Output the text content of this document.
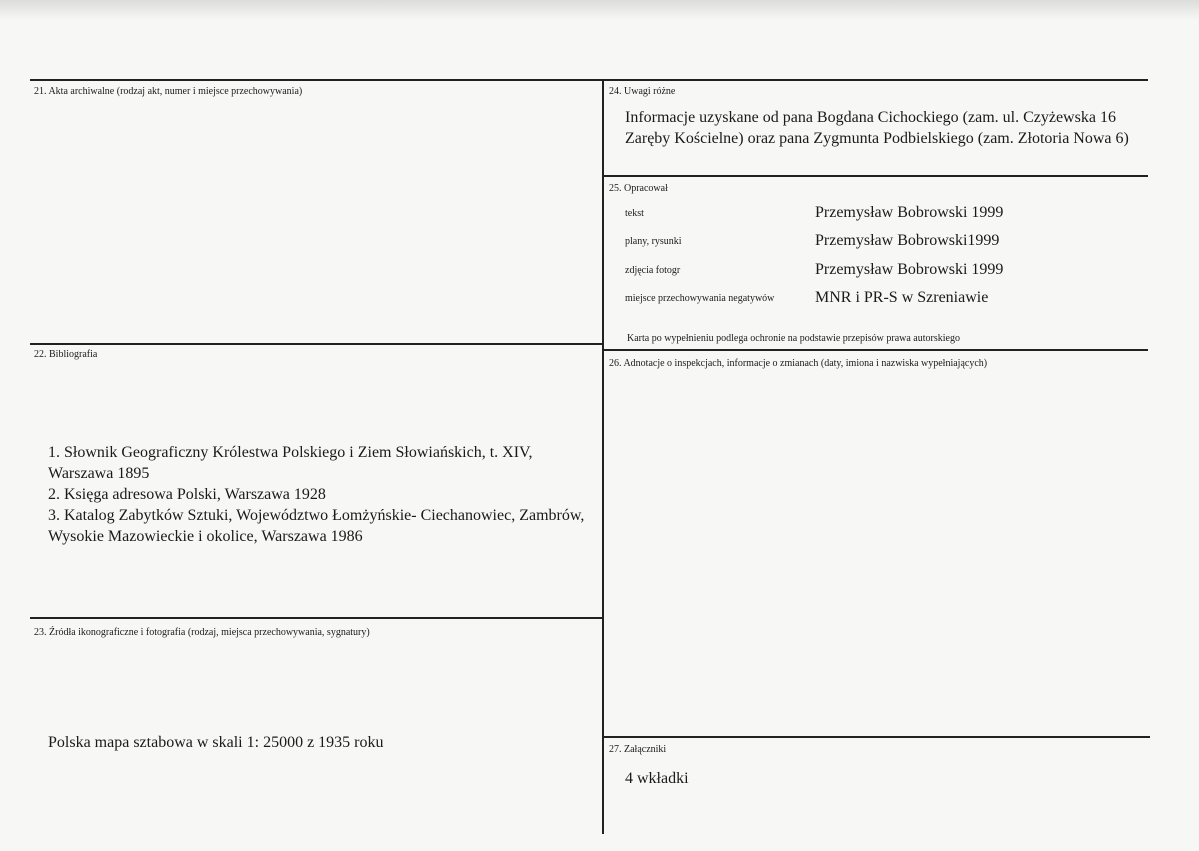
21. Akta archiwalne (rodzaj akt, numer i miejsce przechowywania)
22. Bibliografia
1. Słownik Geograficzny Królestwa Polskiego i Ziem Słowiańskich, t. XIV, Warszawa 1895
2. Księga adresowa Polski, Warszawa 1928
3. Katalog Zabytków Sztuki, Województwo Łomżyńskie- Ciechanowiec, Zambrów, Wysokie Mazowieckie i okolice, Warszawa 1986
23. Źródła ikonograficzne i fotografia (rodzaj, miejsca przechowywania, sygnatury)
Polska mapa sztabowa w skali 1: 25000 z 1935 roku
24. Uwagi różne
Informacje uzyskane od pana Bogdana Cichockiego (zam. ul. Czyżewska 16 Zaręby Kościelne) oraz pana Zygmunta Podbielskiego (zam. Złotoria Nowa 6)
25. Opracował
tekst	Przemysław Bobrowski 1999
plany, rysunki	Przemysław Bobrowski1999
zdjęcia fotogr	Przemysław Bobrowski 1999
miejsce przechowywania negatywów	MNR i PR-S w Szreniawie
Karta po wypełnieniu podlega ochronie na podstawie przepisów prawa autorskiego
26. Adnotacje o inspekcjach, informacje o zmianach (daty, imiona i nazwiska wypełniających)
27. Załączniki
4 wkładki
